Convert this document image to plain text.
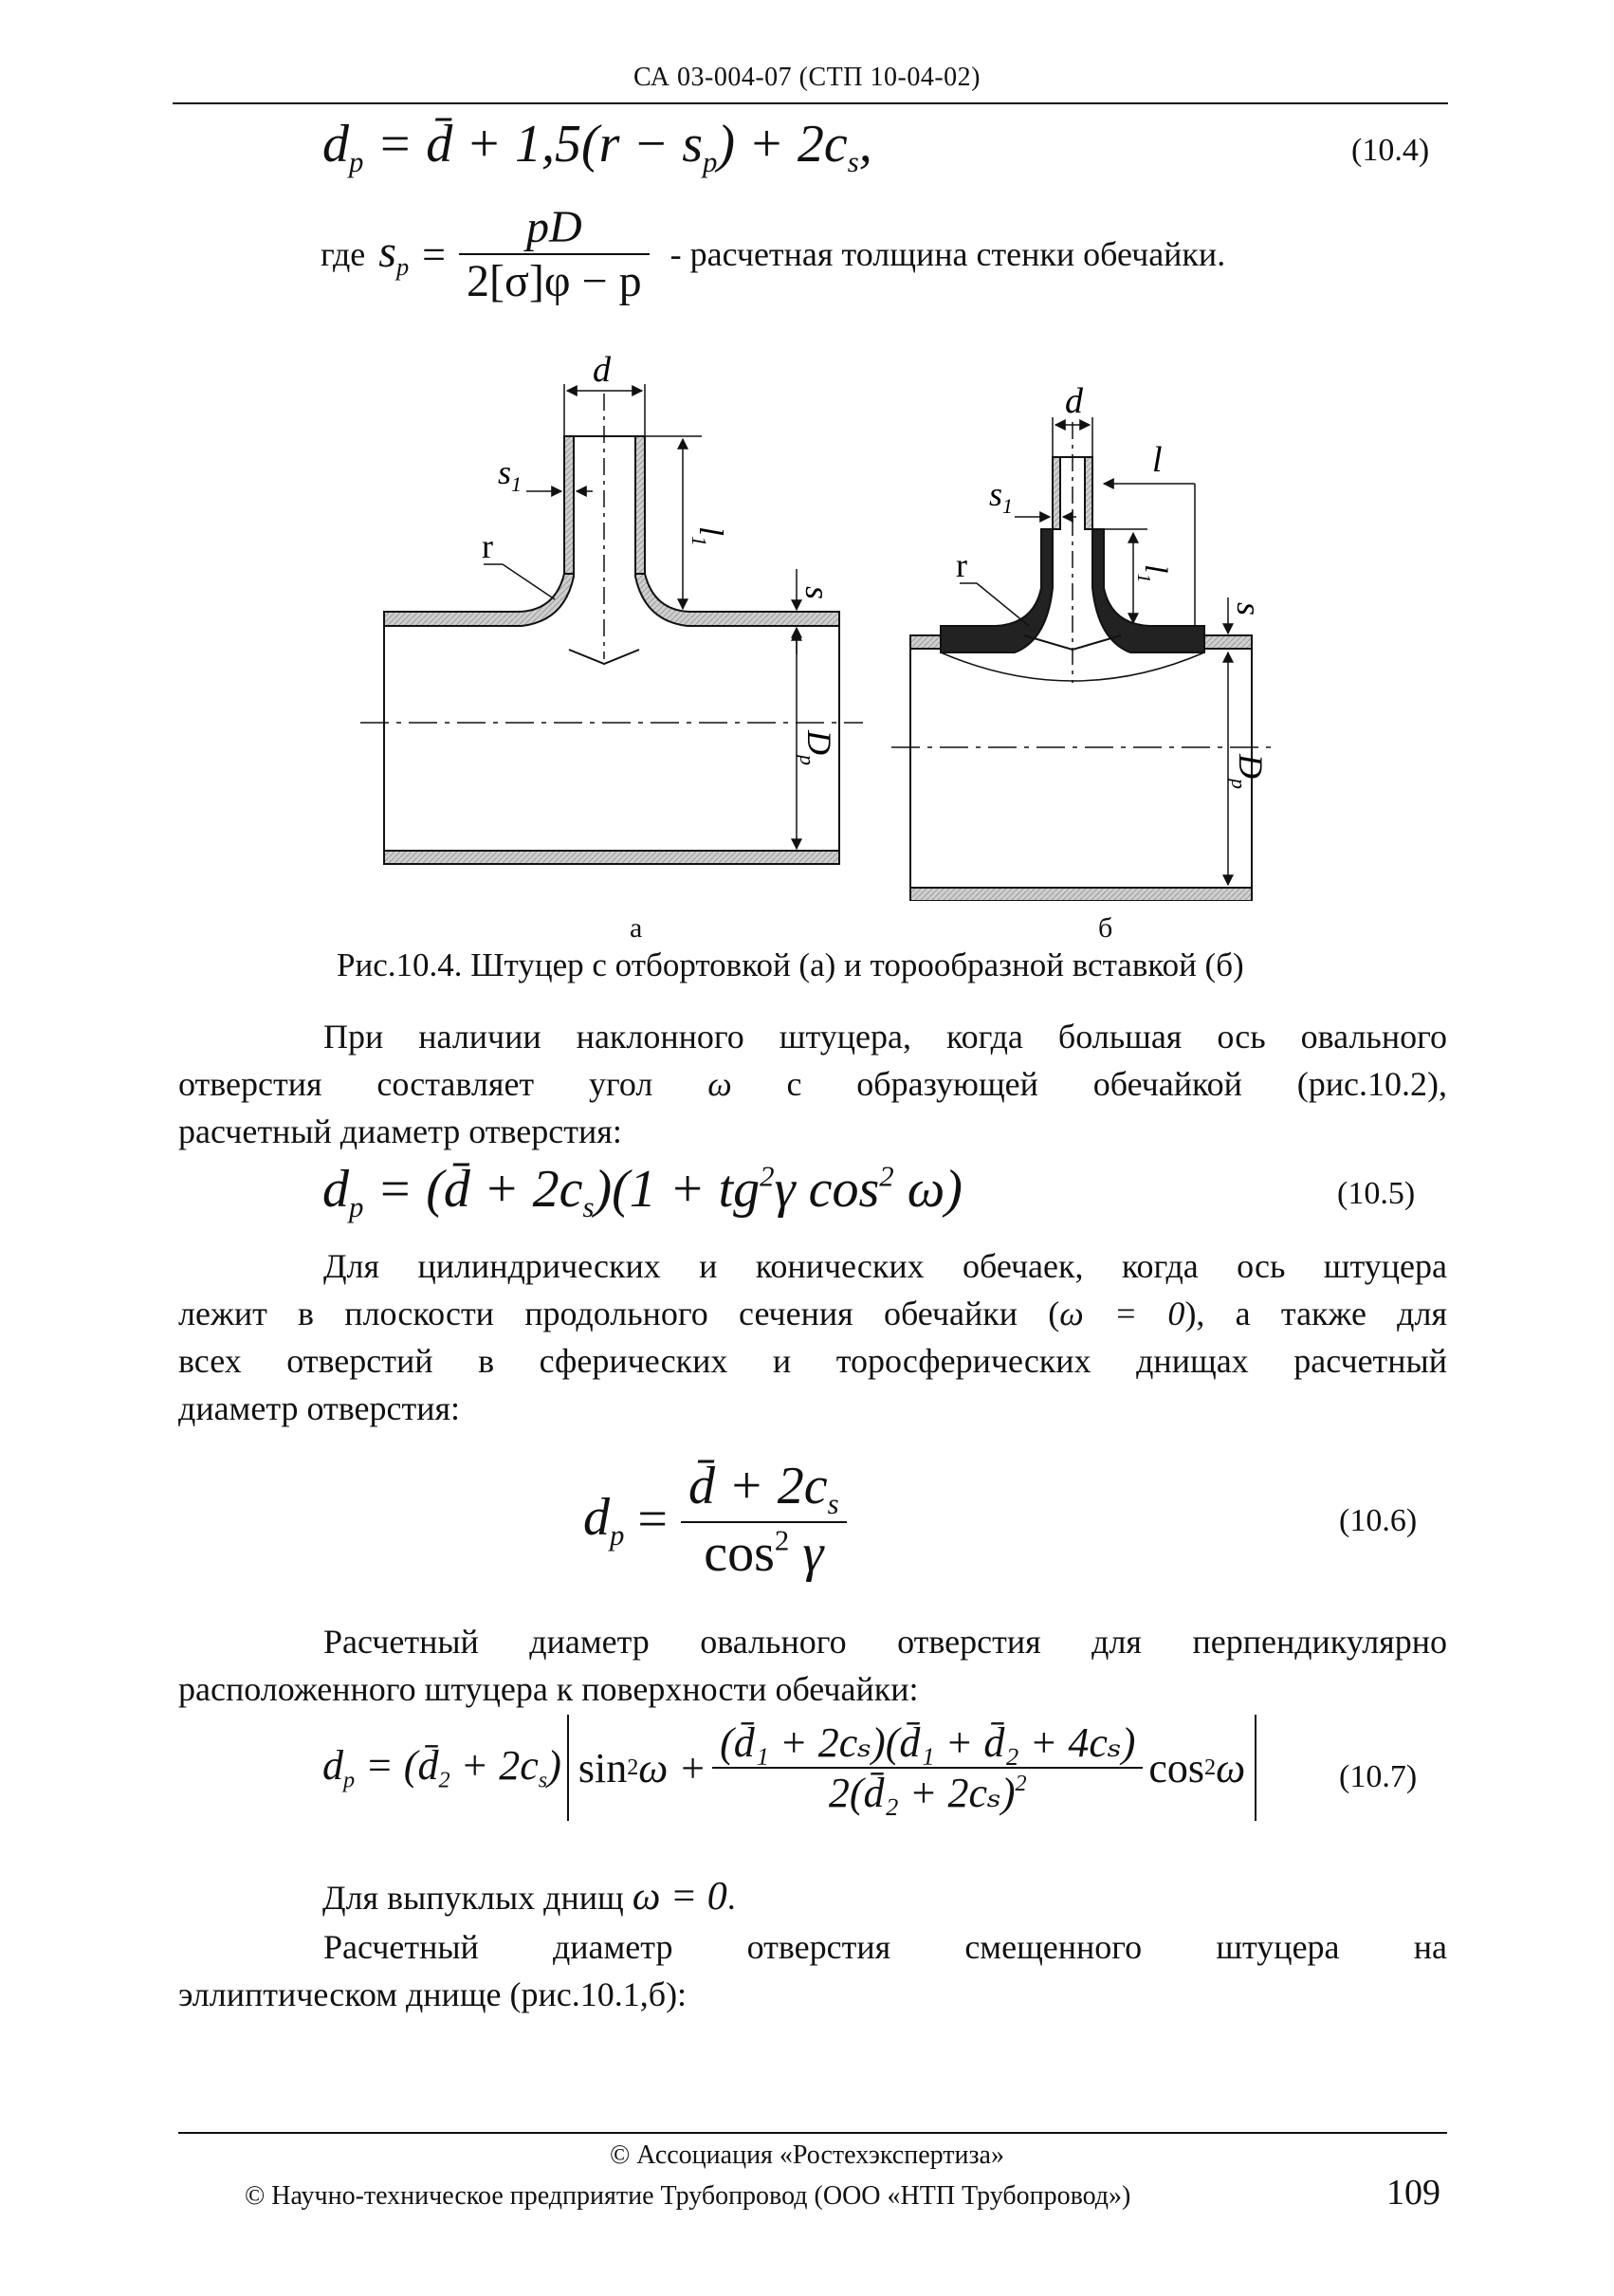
СА 03-004-07 (СТП 10-04-02)
$d_p$ = d̄ + $1,5(r - s_p) + 2c_s$,	(10.4)
где $s_p = \frac{pD}{2[\sigma]\varphi - p}$ - расчетная толщина стенки обечайки.
d
$s_1$
$l_1$
r
s
$D_p$
d
$s_1$
l
$l_1$
r
s
$D_p$
а	б
Рис.10.4. Штуцер с отбортовкой (а) и торообразной вставкой (б)
При наличии наклонного штуцера, когда большая ось овального
отверстия составляет угол ω с образующей обечайкой (рис.10.2),
расчетный диаметр отверстия:
$d_p$ = (d̄ + $2c_s)(1 + tg^2\gamma$ $\cos^2 \omega$)	(10.5)
Для цилиндрических и конических обечаек, когда ось штуцера
лежит в плоскости продольного сечения обечайки (ω = 0), а также для
всех отверстий в сферических и торосферических днищах расчетный
диаметр отверстия:
$d_p = \frac{d̄ + 2c_s}{\cos^2 \gamma}$	(10.6)
Расчетный диаметр овального отверстия для перпендикулярно
расположенного штуцера к поверхности обечайки:
$d_p$ = $(d̄_2 + 2c_s)$ sin 2 $\omega + \frac{\text{(d̄₁ + 2cₛ)(d̄₁ + d̄₂ + 4cₛ)}}{2(d̄_2 + 2c_s)^2}$ cos 2 ω	(10.7)
Для выпуклых днищ ω = 0.
Расчетный диаметр отверстия смещенного штуцера на
эллиптическом днище (рис.10.1,б):
© Ассоциация «Ростехэкспертиза»
© Научно-техническое предприятие Трубопровод (ООО «НТП Трубопровод»)	109
